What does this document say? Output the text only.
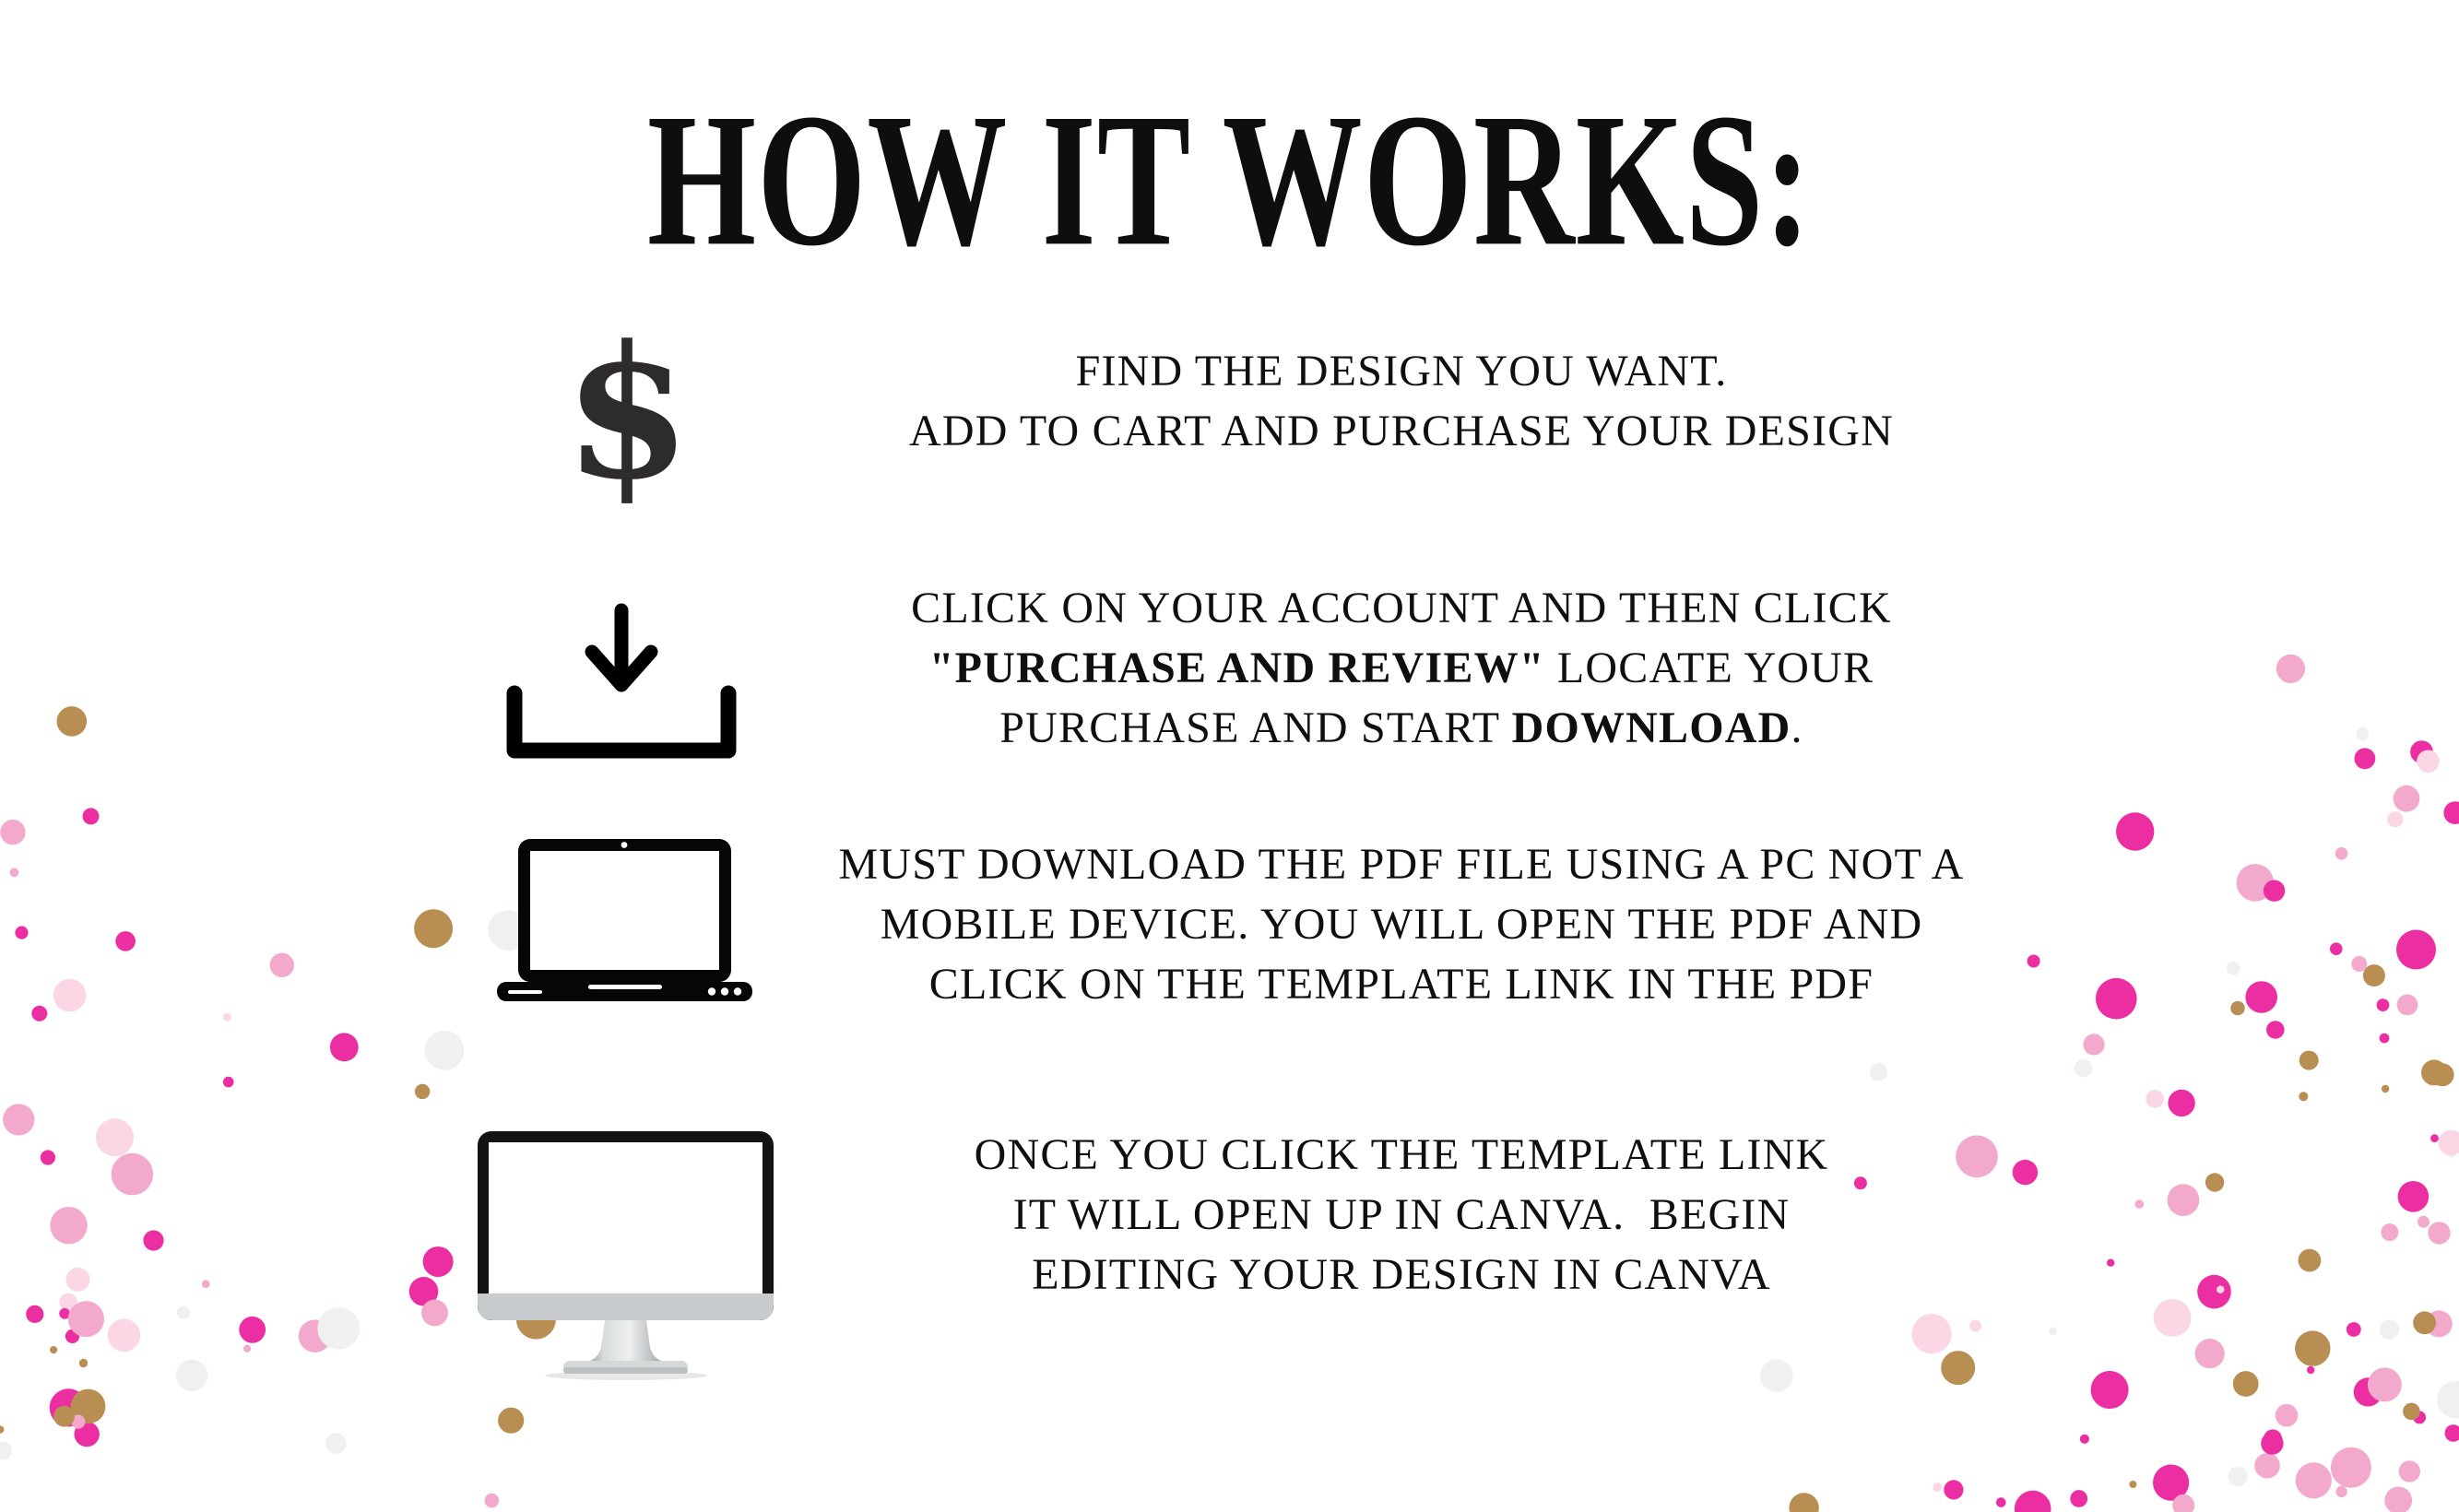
HOW IT WORKS:
$	FIND THE DESIGN YOU WANT.
ADD TO CART AND PURCHASE YOUR DESIGN
CLICK ON YOUR ACCOUNT AND THEN CLICK
"PURCHASE AND REVIEW" LOCATE YOUR
PURCHASE AND START DOWNLOAD.
MUST DOWNLOAD THE PDF FILE USING A PC NOT A
MOBILE DEVICE. YOU WILL OPEN THE PDF AND
CLICK ON THE TEMPLATE LINK IN THE PDF
ONCE YOU CLICK THE TEMPLATE LINK
IT WILL OPEN UP IN CANVA.  BEGIN
EDITING YOUR DESIGN IN CANVA
